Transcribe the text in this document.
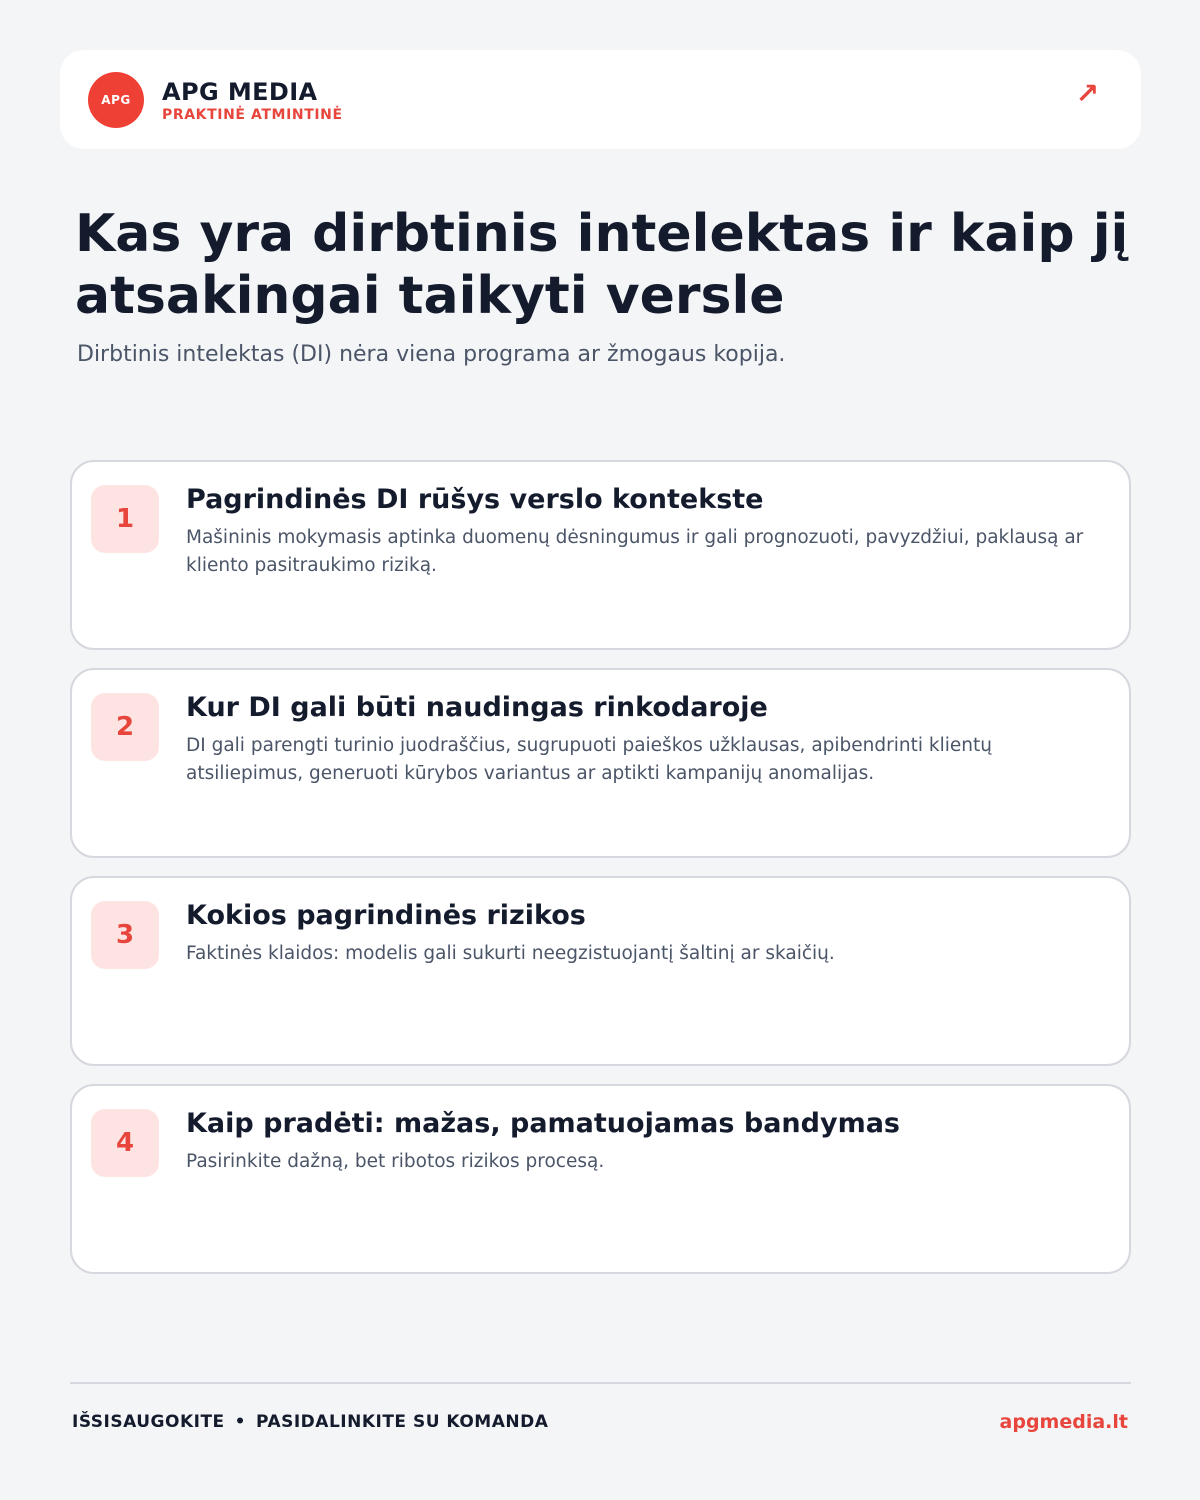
APG	APG MEDIA
PRAKTINĖ ATMINTINĖ
↗
Kas yra dirbtinis intelektas ir kaip jį atsakingai taikyti versle

Dirbtinis intelektas (DI) nėra viena programa ar žmogaus kopija.

1
Pagrindinės DI rūšys verslo kontekste
Mašininis mokymasis aptinka duomenų dėsningumus ir gali prognozuoti, pavyzdžiui, paklausą ar kliento pasitraukimo riziką.
2
Kur DI gali būti naudingas rinkodaroje
DI gali parengti turinio juodraščius, sugrupuoti paieškos užklausas, apibendrinti klientų atsiliepimus, generuoti kūrybos variantus ar aptikti kampanijų anomalijas.
3
Kokios pagrindinės rizikos
Faktinės klaidos: modelis gali sukurti neegzistuojantį šaltinį ar skaičių.
4
Kaip pradėti: mažas, pamatuojamas bandymas
Pasirinkite dažną, bet ribotos rizikos procesą.
IŠSISAUGOKITE • PASIDALINKITE SU KOMANDA	apgmedia.lt
